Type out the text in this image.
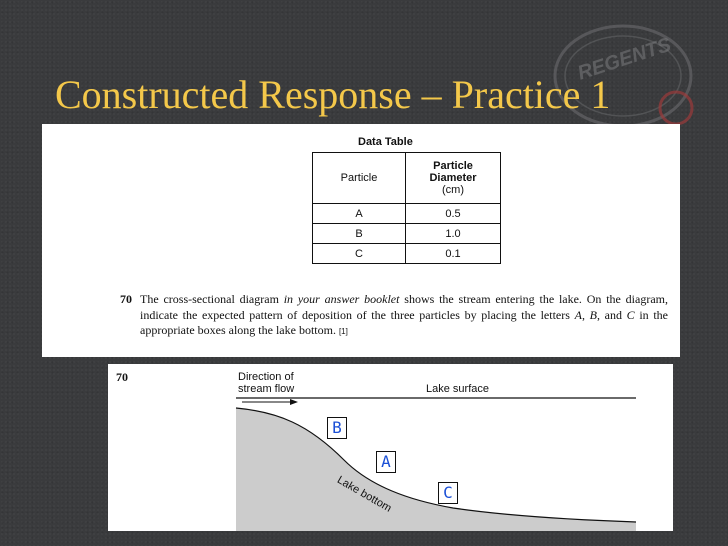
REGENTS
Constructed Response – Practice 1
Data Table
Particle	Particle
Diameter
(cm)

A	0.5
B	1.0
C	0.1
70 The cross-sectional diagram in your answer booklet shows the stream entering the lake. On the diagram, indicate the expected pattern of deposition of the three particles by placing the letters A, B, and C in the appropriate boxes along the lake bottom. [1]

70	Direction of stream flow	Lake surface
Lake bottom
B
A
C
